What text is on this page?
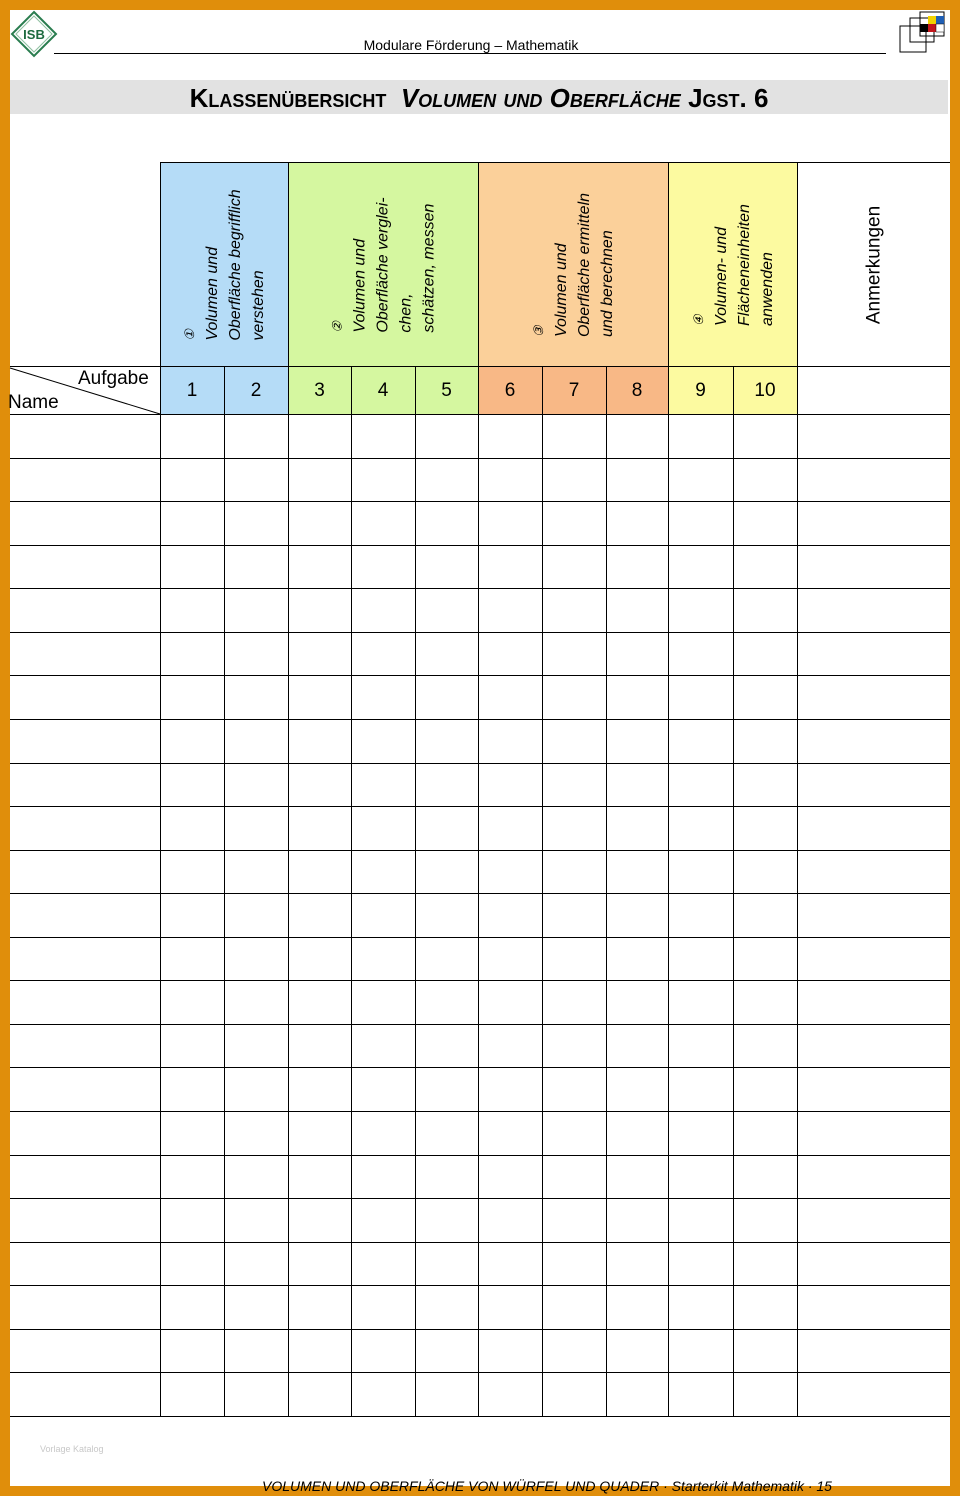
ISB
Modulare Förderung – Mathematik
Klassenübersicht Volumen und Oberfläche Jgst. 6
① Volumen und Oberfläche begrifflich verstehen	② Volumen und Oberfläche verglei- chen, schätzen, messen	③ Volumen und Oberfläche ermitteln und berechnen	④ Volumen- und Flächeneinheiten anwenden	Anmerkungen
Aufgabe
Name
1	2	3	4	5	6	7	8	9	10
Vorlage Katalog
VOLUMEN UND OBERFLÄCHE VON WÜRFEL UND QUADER · Starterkit Mathematik · 15
